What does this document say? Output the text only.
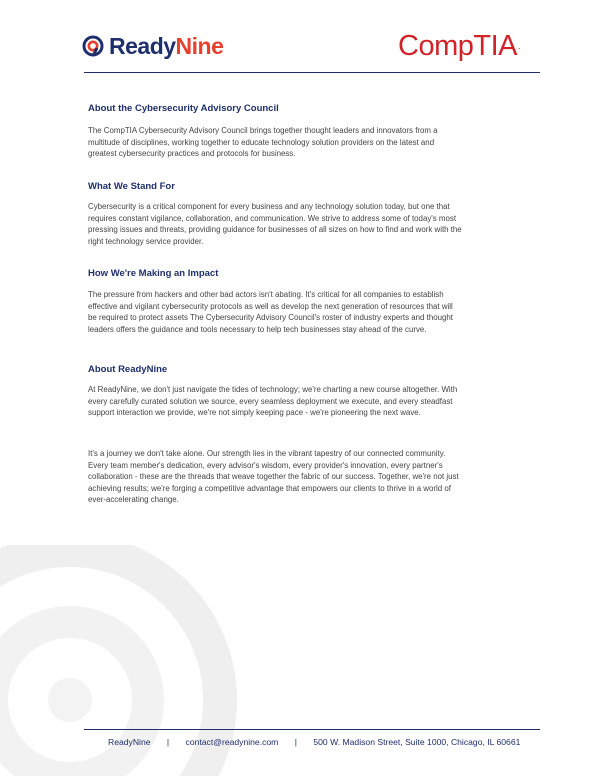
ReadyNine	CompTIA.
About the Cybersecurity Advisory Council

The CompTIA Cybersecurity Advisory Council brings together thought leaders and innovators from a multitude of disciplines, working together to educate technology solution providers on the latest and greatest cybersecurity practices and protocols for business.

What We Stand For

Cybersecurity is a critical component for every business and any technology solution today, but one that requires constant vigilance, collaboration, and communication. We strive to address some of today's most pressing issues and threats, providing guidance for businesses of all sizes on how to find and work with the right technology service provider.

How We're Making an Impact

The pressure from hackers and other bad actors isn't abating. It's critical for all companies to establish effective and vigilant cybersecurity protocols as well as develop the next generation of resources that will be required to protect assets The Cybersecurity Advisory Council's roster of industry experts and thought leaders offers the guidance and tools necessary to help tech businesses stay ahead of the curve.

About ReadyNine

At ReadyNine, we don't just navigate the tides of technology; we're charting a new course altogether. With every carefully curated solution we source, every seamless deployment we execute, and every steadfast support interaction we provide, we're not simply keeping pace - we're pioneering the next wave.

It's a journey we don't take alone. Our strength lies in the vibrant tapestry of our connected community. Every team member's dedication, every advisor's wisdom, every provider's innovation, every partner's collaboration - these are the threads that weave together the fabric of our success. Together, we're not just achieving results; we're forging a competitive advantage that empowers our clients to thrive in a world of ever-accelerating change.

ReadyNine | contact@readynine.com | 500 W. Madison Street, Suite 1000, Chicago, IL 60661
